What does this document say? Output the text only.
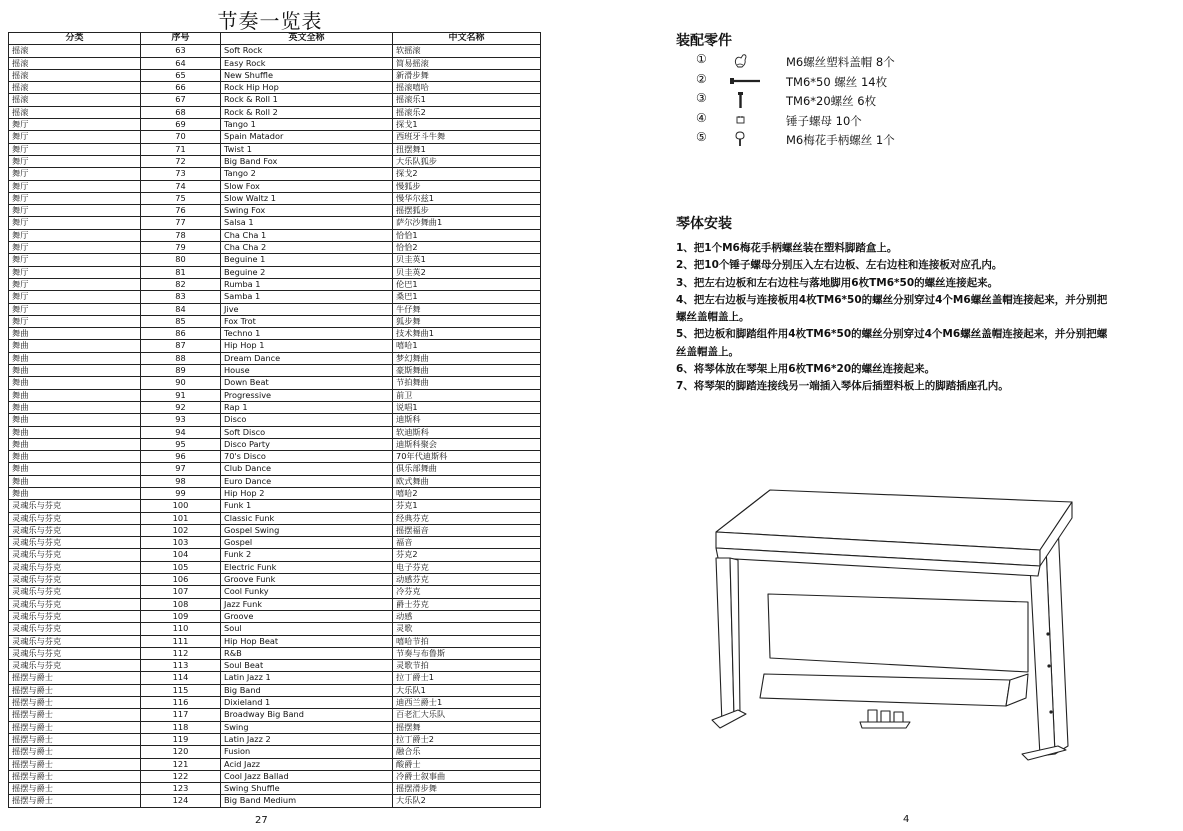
节奏一览表
分类	序号	英文全称	中文名称
摇滚	63	Soft Rock	软摇滚
摇滚	64	Easy Rock	简易摇滚
摇滚	65	New Shuffle	新滑步舞
摇滚	66	Rock Hip Hop	摇滚嘻哈
摇滚	67	Rock & Roll 1	摇滚乐1
摇滚	68	Rock & Roll 2	摇滚乐2
舞厅	69	Tango 1	探戈1
舞厅	70	Spain Matador	西班牙斗牛舞
舞厅	71	Twist 1	扭摆舞1
舞厅	72	Big Band Fox	大乐队狐步
舞厅	73	Tango 2	探戈2
舞厅	74	Slow Fox	慢狐步
舞厅	75	Slow Waltz 1	慢华尔兹1
舞厅	76	Swing Fox	摇摆狐步
舞厅	77	Salsa 1	萨尔沙舞曲1
舞厅	78	Cha Cha 1	恰恰1
舞厅	79	Cha Cha 2	恰恰2
舞厅	80	Beguine 1	贝圭英1
舞厅	81	Beguine 2	贝圭英2
舞厅	82	Rumba 1	伦巴1
舞厅	83	Samba 1	桑巴1
舞厅	84	Jive	牛仔舞
舞厅	85	Fox Trot	狐步舞
舞曲	86	Techno 1	技术舞曲1
舞曲	87	Hip Hop 1	嘻哈1
舞曲	88	Dream Dance	梦幻舞曲
舞曲	89	House	豪斯舞曲
舞曲	90	Down Beat	节拍舞曲
舞曲	91	Progressive	前卫
舞曲	92	Rap 1	说唱1
舞曲	93	Disco	迪斯科
舞曲	94	Soft Disco	软迪斯科
舞曲	95	Disco Party	迪斯科聚会
舞曲	96	70's Disco	70年代迪斯科
舞曲	97	Club Dance	俱乐部舞曲
舞曲	98	Euro Dance	欧式舞曲
舞曲	99	Hip Hop 2	嘻哈2
灵魂乐与芬克	100	Funk 1	芬克1
灵魂乐与芬克	101	Classic Funk	经典芬克
灵魂乐与芬克	102	Gospel Swing	摇摆福音
灵魂乐与芬克	103	Gospel	福音
灵魂乐与芬克	104	Funk 2	芬克2
灵魂乐与芬克	105	Electric Funk	电子芬克
灵魂乐与芬克	106	Groove Funk	动感芬克
灵魂乐与芬克	107	Cool Funky	冷芬克
灵魂乐与芬克	108	Jazz Funk	爵士芬克
灵魂乐与芬克	109	Groove	动感
灵魂乐与芬克	110	Soul	灵歌
灵魂乐与芬克	111	Hip Hop Beat	嘻哈节拍
灵魂乐与芬克	112	R&B	节奏与布鲁斯
灵魂乐与芬克	113	Soul Beat	灵歌节拍
摇摆与爵士	114	Latin Jazz 1	拉丁爵士1
摇摆与爵士	115	Big Band	大乐队1
摇摆与爵士	116	Dixieland 1	迪西兰爵士1
摇摆与爵士	117	Broadway Big Band	百老汇大乐队
摇摆与爵士	118	Swing	摇摆舞
摇摆与爵士	119	Latin Jazz 2	拉丁爵士2
摇摆与爵士	120	Fusion	融合乐
摇摆与爵士	121	Acid Jazz	酸爵士
摇摆与爵士	122	Cool Jazz Ballad	冷爵士叙事曲
摇摆与爵士	123	Swing Shuffle	摇摆滑步舞
摇摆与爵士	124	Big Band Medium	大乐队2
27
装配零件
①	M6螺丝塑料盖帽 8个
②	TM6*50 螺丝 14枚
③	TM6*20螺丝 6枚
④	锤子螺母 10个
⑤	M6梅花手柄螺丝 1个
琴体安装
1、把1个M6梅花手柄螺丝装在塑料脚踏盒上。
2、把10个锤子螺母分别压入左右边板、左右边柱和连接板对应孔内。
3、把左右边板和左右边柱与落地脚用6枚TM6*50的螺丝连接起来。
4、把左右边板与连接板用4枚TM6*50的螺丝分别穿过4个M6螺丝盖帽连接起来，并分别把螺丝盖帽盖上。
5、把边板和脚踏组件用4枚TM6*50的螺丝分别穿过4个M6螺丝盖帽连接起来，并分别把螺丝盖帽盖上。
6、将琴体放在琴架上用6枚TM6*20的螺丝连接起来。
7、将琴架的脚踏连接线另一端插入琴体后插塑料板上的脚踏插座孔内。
4
